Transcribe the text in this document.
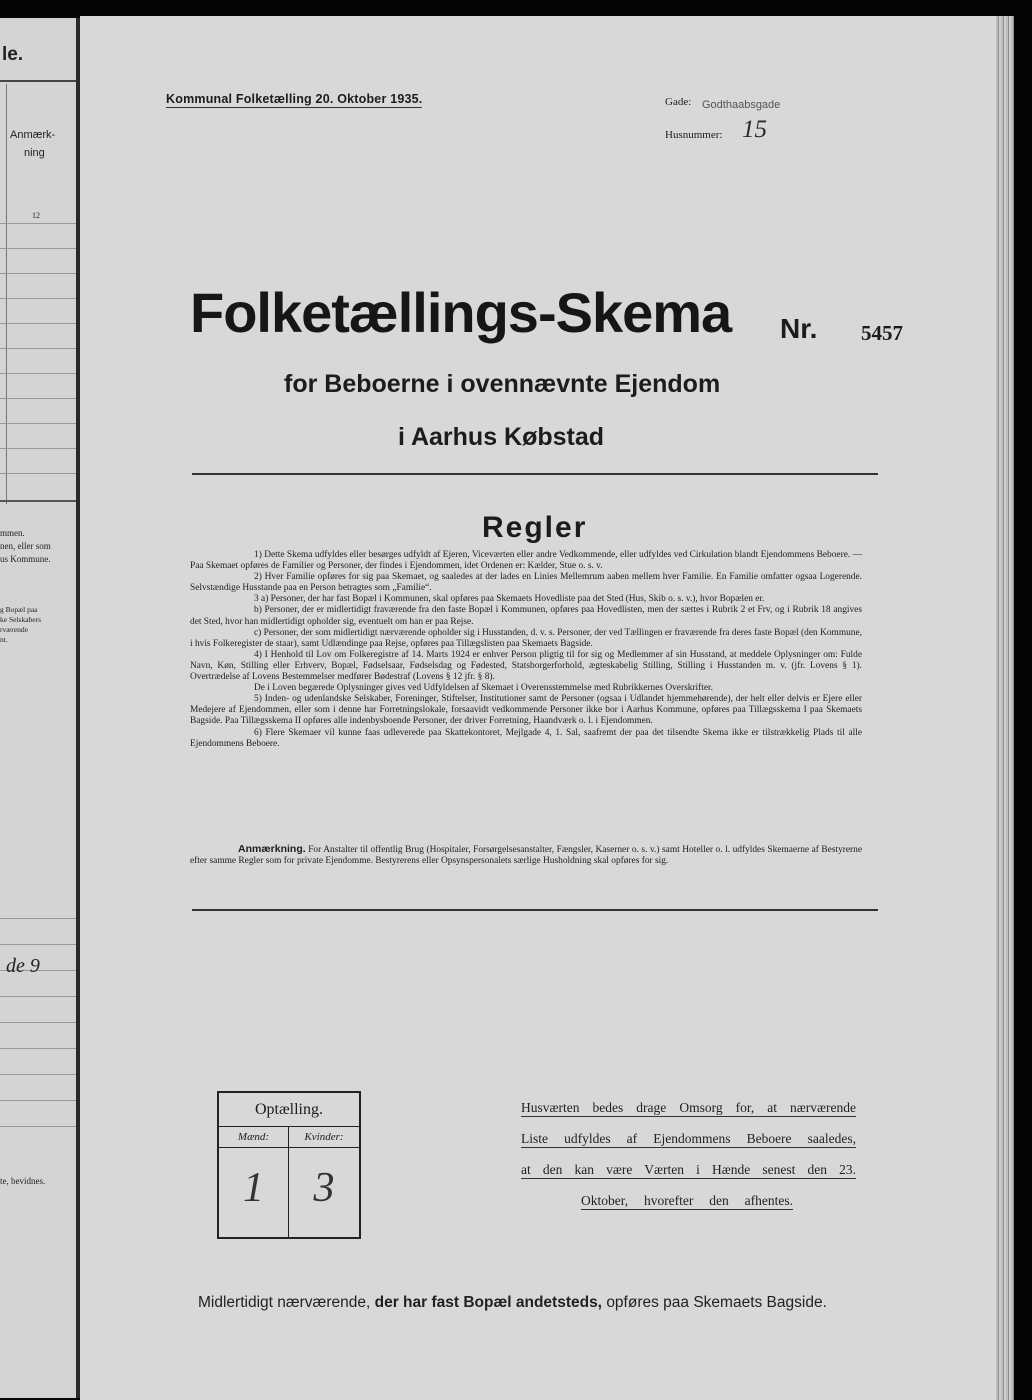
le.
Anmærk-
ning
12
mmen.
nen, eller som
us Kommune.
g Bopæl paa
ke Selskabers
rværende
nt.
de 9
te, bevidnes.
Kommunal Folketælling 20. Oktober 1935.	Gade: Godthaabsgade
Husnummer: 15
Folketællings-Skema Nr. 5457
for Beboerne i ovennævnte Ejendom
i Aarhus Købstad
Regler

1) Dette Skema udfyldes eller besørges udfyldt af Ejeren, Viceværten eller andre Vedkommende, eller udfyldes ved Cirkulation blandt Ejendommens Beboere. — Paa Skemaet opføres de Familier og Personer, der findes i Ejendommen, idet Ordenen er: Kælder, Stue o. s. v.

2) Hver Familie opføres for sig paa Skemaet, og saaledes at der lades en Linies Mellemrum aaben mellem hver Familie. En Familie omfatter ogsaa Logerende. Selvstændige Husstande paa en Person betragtes som „Familie“.

3 a) Personer, der har fast Bopæl i Kommunen, skal opføres paa Skemaets Hovedliste paa det Sted (Hus, Skib o. s. v.), hvor Bopælen er.

b) Personer, der er midlertidigt fraværende fra den faste Bopæl i Kommunen, opføres paa Hovedlisten, men der sættes i Rubrik 2 et Frv, og i Rubrik 18 angives det Sted, hvor han midlertidigt opholder sig, eventuelt om han er paa Rejse.

c) Personer, der som midlertidigt nærværende opholder sig i Husstanden, d. v. s. Personer, der ved Tællingen er fraværende fra deres faste Bopæl (den Kommune, i hvis Folkeregister de staar), samt Udlændinge paa Rejse, opføres paa Tillægslisten paa Skemaets Bagside.

4) I Henhold til Lov om Folkeregistre af 14. Marts 1924 er enhver Person pligtig til for sig og Medlemmer af sin Husstand, at meddele Oplysninger om: Fulde Navn, Køn, Stilling eller Erhverv, Bopæl, Fødselsaar, Fødselsdag og Fødested, Statsborgerforhold, ægteskabelig Stilling, Stilling i Husstanden m. v. (jfr. Lovens § 1). Overtrædelse af Lovens Bestemmelser medfører Bødestraf (Lovens § 12 jfr. § 8).

De i Loven begærede Oplysninger gives ved Udfyldelsen af Skemaet i Overensstemmelse med Rubrikkernes Overskrifter.

5) Inden- og udenlandske Selskaber, Foreninger, Stiftelser, Institutioner samt de Personer (ogsaa i Udlandet hjemmehørende), der helt eller delvis er Ejere eller Medejere af Ejendommen, eller som i denne har Forretningslokale, forsaavidt vedkommende Personer ikke bor i Aarhus Kommune, opføres paa Tillægsskema I paa Skemaets Bagside. Paa Tillægsskema II opføres alle indenbysboende Personer, der driver Forretning, Haandværk o. l. i Ejendommen.

6) Flere Skemaer vil kunne faas udleverede paa Skattekontoret, Mejlgade 4, 1. Sal, saafremt der paa det tilsendte Skema ikke er tilstrækkelig Plads til alle Ejendommens Beboere.

Anmærkning. For Anstalter til offentlig Brug (Hospitaler, Forsørgelsesanstalter, Fængsler, Kaserner o. s. v.) samt Hoteller o. l. udfyldes Skemaerne af Bestyrerne efter samme Regler som for private Ejendomme. Bestyrerens eller Opsynspersonalets særlige Husholdning skal opføres for sig.

Optælling.
Mænd:
1
Kvinder:
3
Husværten bedes drage Omsorg for, at nærværende
Liste udfyldes af Ejendommens Beboere saaledes,
at den kan være Værten i Hænde senest den 23.
Oktober, hvorefter den afhentes.
Midlertidigt nærværende, der har fast Bopæl andetsteds, opføres paa Skemaets Bagside.
